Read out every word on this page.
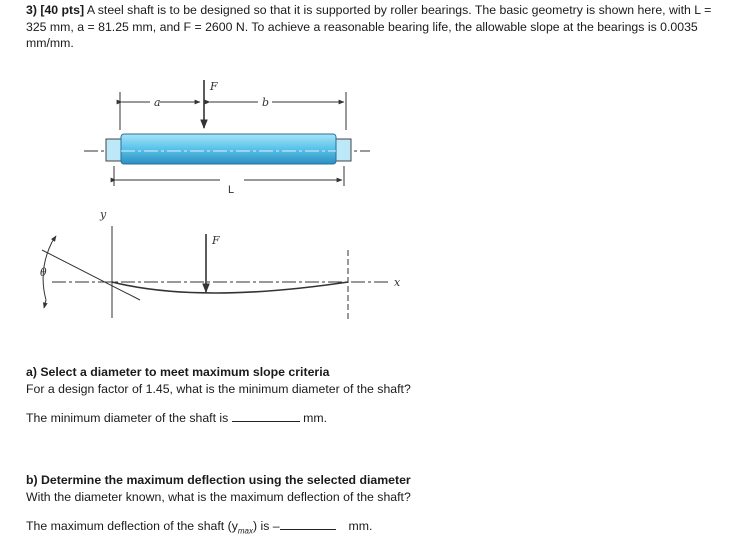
3) [40 pts] A steel shaft is to be designed so that it is supported by roller bearings. The basic geometry is shown here, with L = 325 mm, a = 81.25 mm, and F = 2600 N. To achieve a reasonable bearing life, the allowable slope at the bearings is 0.0035 mm/mm.

a	b
F
L
y
x
θ
F
a) Select a diameter to meet maximum slope criteria
For a design factor of 1.45, what is the minimum diameter of the shaft?
The minimum diameter of the shaft is	mm.
b) Determine the maximum deflection using the selected diameter
With the diameter known, what is the maximum deflection of the shaft?
The maximum deflection of the shaft $(y_{max})$ is –	mm.
